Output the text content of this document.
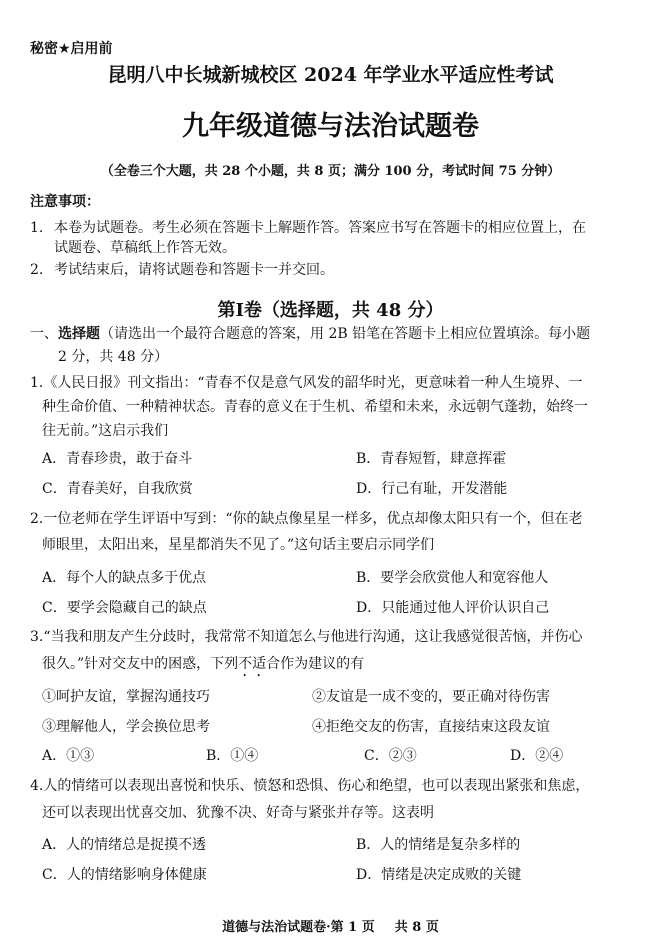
秘密★启用前
昆明八中长城新城校区 2024 年学业水平适应性考试
九年级道德与法治试题卷
（全卷三个大题，共 28 个小题，共 8 页；满分 100 分，考试时间 75 分钟）
注意事项：
1. 本卷为试题卷。考生必须在答题卡上解题作答。答案应书写在答题卡的相应位置上，在
试题卷、草稿纸上作答无效。
2. 考试结束后，请将试题卷和答题卡一并交回。
第Ⅰ卷（选择题，共 48 分）
一、选择题（请选出一个最符合题意的答案，用 2B 铅笔在答题卡上相应位置填涂。每小题
2 分，共 48 分）
1.《人民日报》刊文指出：“青春不仅是意气风发的韶华时光，更意味着一种人生境界、一
种生命价值、一种精神状态。青春的意义在于生机、希望和未来，永远朝气蓬勃，始终一
往无前。”这启示我们
A．青春珍贵，敢于奋斗	B．青春短暂，肆意挥霍
C．青春美好，自我欣赏	D．行己有耻，开发潜能
2.一位老师在学生评语中写到：“你的缺点像星星一样多，优点却像太阳只有一个，但在老
师眼里，太阳出来，星星都消失不见了。”这句话主要启示同学们
A．每个人的缺点多于优点	B．要学会欣赏他人和宽容他人
C．要学会隐藏自己的缺点	D．只能通过他人评价认识自己
3.“当我和朋友产生分歧时，我常常不知道怎么与他进行沟通，这让我感觉很苦恼，并伤心
很久。”针对交友中的困惑，下列不适合作为建议的有
①呵护友谊，掌握沟通技巧	②友谊是一成不变的，要正确对待伤害
③理解他人，学会换位思考	④拒绝交友的伤害，直接结束这段友谊
A．①③	B．①④	C．②③	D．②④
4.人的情绪可以表现出喜悦和快乐、愤怒和恐惧、伤心和绝望，也可以表现出紧张和焦虑，
还可以表现出忧喜交加、犹豫不决、好奇与紧张并存等。这表明
A．人的情绪总是捉摸不透	B．人的情绪是复杂多样的
C．人的情绪影响身体健康	D．情绪是决定成败的关键
道德与法治试题卷·第 1 页 共 8 页
